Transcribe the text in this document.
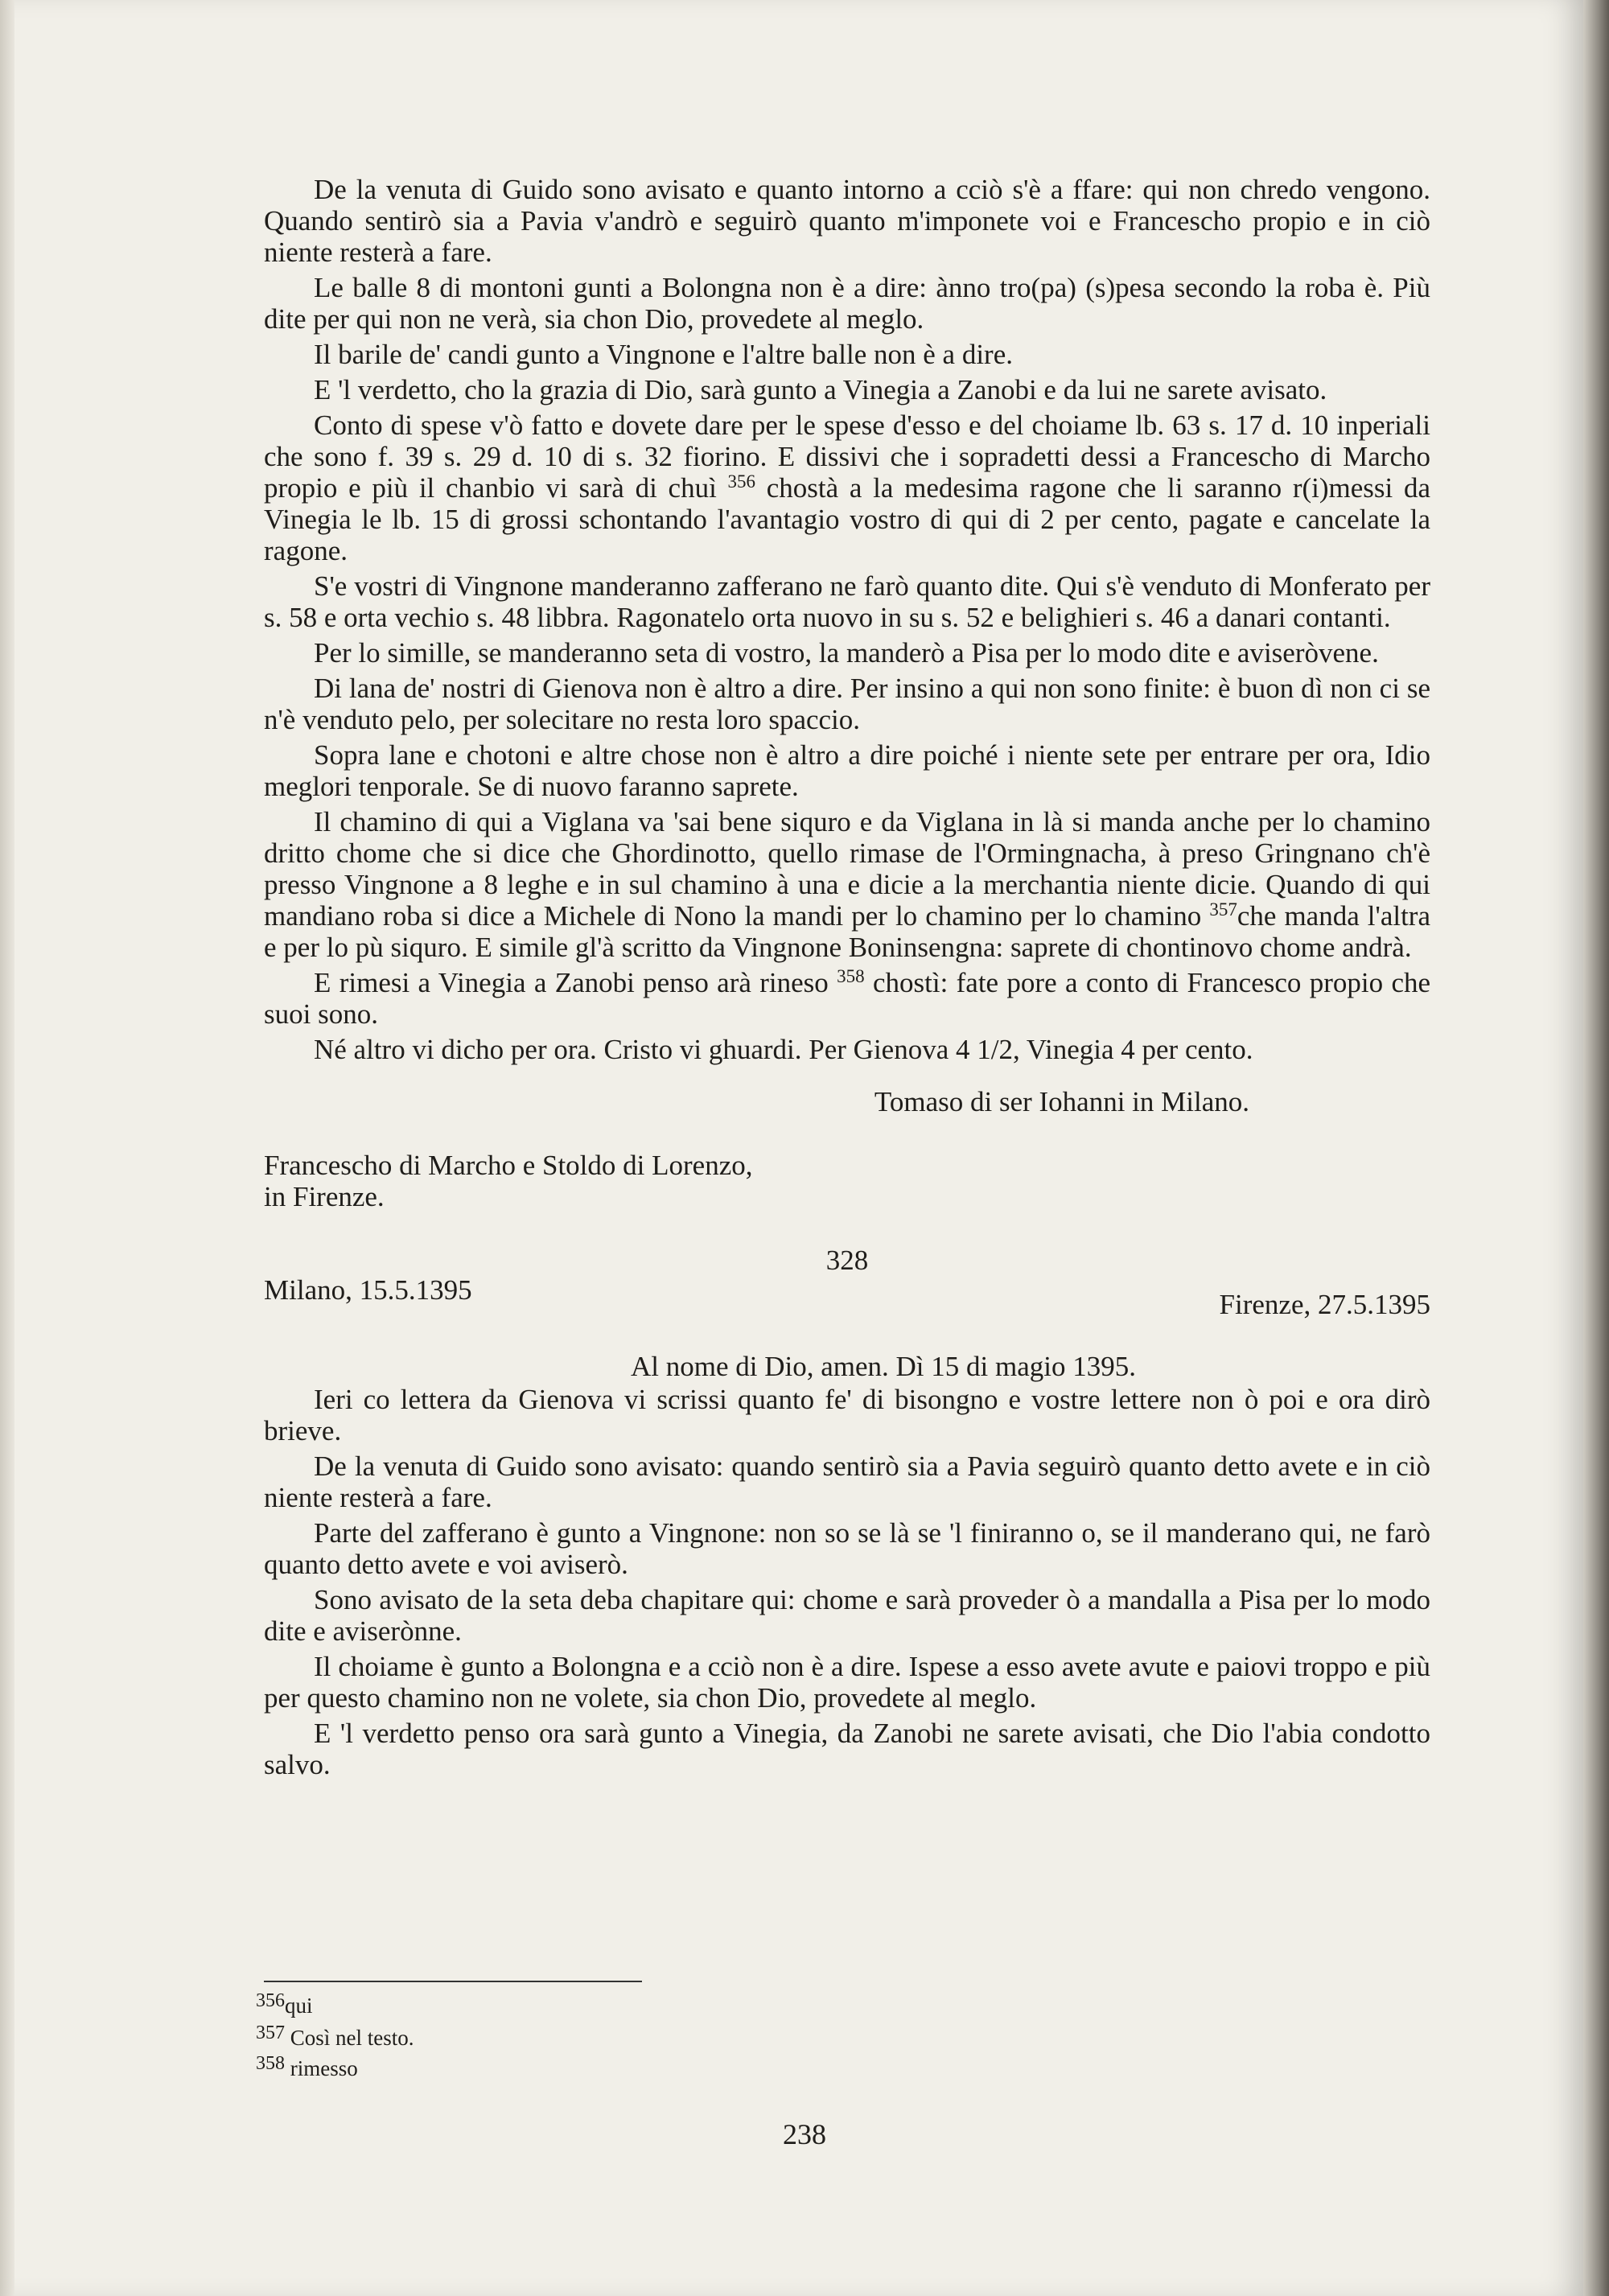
De la venuta di Guido sono avisato e quanto intorno a cciò s'è a ffare: qui non chredo vengono. Quando sentirò sia a Pavia v'andrò e seguirò quanto m'imponete voi e Francescho propio e in ciò niente resterà a fare.

Le balle 8 di montoni gunti a Bolongna non è a dire: ànno tro(pa) (s)pesa secondo la roba è. Più dite per qui non ne verà, sia chon Dio, provedete al meglo.

Il barile de' candi gunto a Vingnone e l'altre balle non è a dire.

E 'l verdetto, cho la grazia di Dio, sarà gunto a Vinegia a Zanobi e da lui ne sarete avisato.

Conto di spese v'ò fatto e dovete dare per le spese d'esso e del choiame lb. 63 s. 17 d. 10 inperiali che sono f. 39 s. 29 d. 10 di s. 32 fiorino. E dissivi che i sopradetti dessi a Francescho di Marcho propio e più il chanbio vi sarà di chuì $^{356}$ chostà a la medesima ragone che li saranno r(i)messi da Vinegia le lb. 15 di grossi schontando l'avantagio vostro di qui di 2 per cento, pagate e cancelate la ragone.

S'e vostri di Vingnone manderanno zafferano ne farò quanto dite. Qui s'è venduto di Monferato per s. 58 e orta vechio s. 48 libbra. Ragonatelo orta nuovo in su s. 52 e belighieri s. 46 a danari contanti.

Per lo simille, se manderanno seta di vostro, la manderò a Pisa per lo modo dite e aviseròvene.

Di lana de' nostri di Gienova non è altro a dire. Per insino a qui non sono finite: è buon dì non ci se n'è venduto pelo, per solecitare no resta loro spaccio.

Sopra lane e chotoni e altre chose non è altro a dire poiché i niente sete per entrare per ora, Idio meglori tenporale. Se di nuovo faranno saprete.

Il chamino di qui a Viglana va 'sai bene siquro e da Viglana in là si manda anche per lo chamino dritto chome che si dice che Ghordinotto, quello rimase de l'Ormingnacha, à preso Gringnano ch'è presso Vingnone a 8 leghe e in sul chamino à una e dicie a la merchantia niente dicie. Quando di qui mandiano roba si dice a Michele di Nono la mandi per lo chamino per lo chamino $^{357}$che manda l'altra e per lo pù siquro. E simile gl'à scritto da Vingnone Boninsengna: saprete di chontinovo chome andrà.

E rimesi a Vinegia a Zanobi penso arà rineso $^{358}$ chostì: fate pore a conto di Francesco propio che suoi sono.

Né altro vi dicho per ora. Cristo vi ghuardi. Per Gienova 4 1/2, Vinegia 4 per cento.

Tomaso di ser Iohanni in Milano.

Francescho di Marcho e Stoldo di Lorenzo,

in Firenze.

328

Milano, 15.5.1395	Firenze, 27.5.1395

Al nome di Dio, amen. Dì 15 di magio 1395.

Ieri co lettera da Gienova vi scrissi quanto fe' di bisongno e vostre lettere non ò poi e ora dirò brieve.

De la venuta di Guido sono avisato: quando sentirò sia a Pavia seguirò quanto detto avete e in ciò niente resterà a fare.

Parte del zafferano è gunto a Vingnone: non so se là se 'l finiranno o, se il manderano qui, ne farò quanto detto avete e voi aviserò.

Sono avisato de la seta deba chapitare qui: chome e sarà proveder ò a mandalla a Pisa per lo modo dite e aviserònne.

Il choiame è gunto a Bolongna e a cciò non è a dire. Ispese a esso avete avute e paiovi troppo e più per questo chamino non ne volete, sia chon Dio, provedete al meglo.

E 'l verdetto penso ora sarà gunto a Vinegia, da Zanobi ne sarete avisati, che Dio l'abia condotto salvo.

$^{356}$qui
$^{357}$ Così nel testo.
$^{358}$ rimesso
238
